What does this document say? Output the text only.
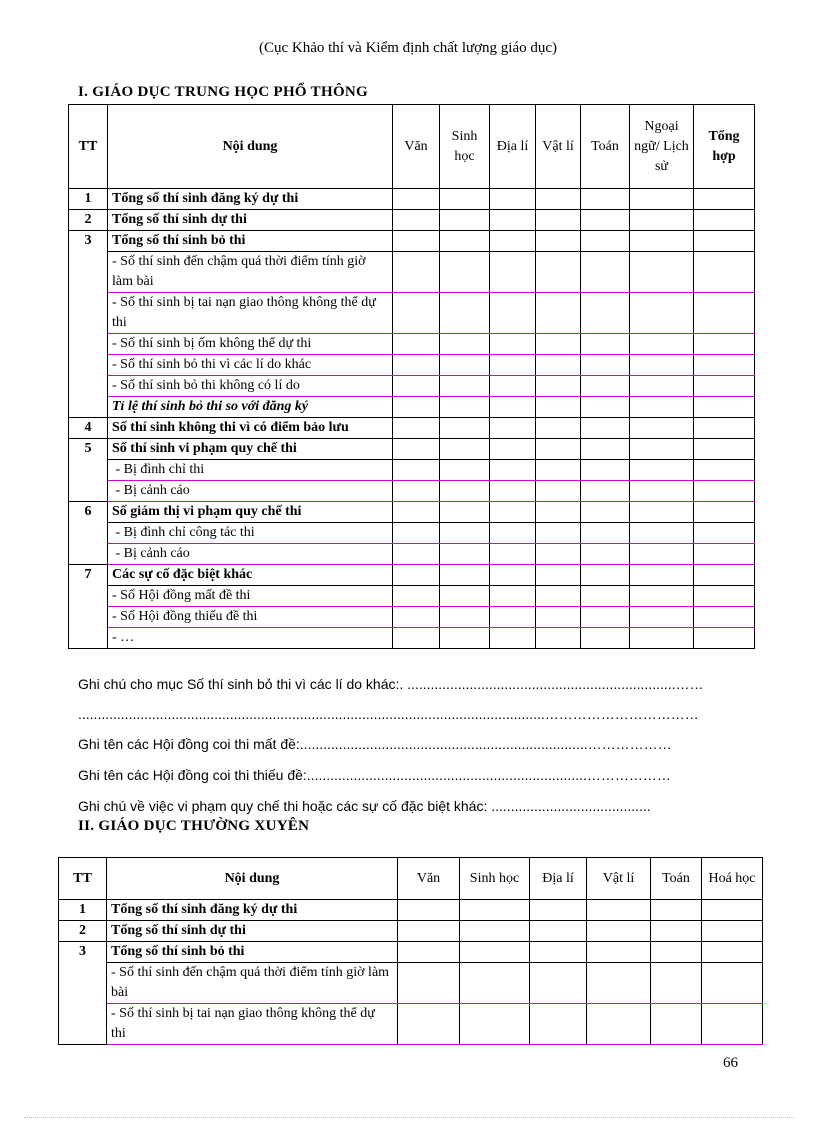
(Cục Khảo thí và Kiểm định chất lượng giáo dục)
I. GIÁO DỤC TRUNG HỌC PHỔ THÔNG
TT	Nội dung	Văn	Sinh học	Địa lí	Vật lí	Toán	Ngoại ngữ/ Lịch sử	Tổng hợp
1	Tổng số thí sinh đăng ký dự thi							
2	Tổng số thí sinh dự thi							
3	Tổng số thí sinh bỏ thi							
	- Số thí sinh đến chậm quá thời điểm tính giờ làm bài							
	- Số thí sinh bị tai nạn giao thông không thể dự thi							
	- Số thí sinh bị ốm không thể dự thi							
	- Số thí sinh bỏ thi vì các lí do khác							
	- Số thí sinh bỏ thi không có lí do							
	Tỉ lệ thí sinh bỏ thi so với đăng ký							
4	Số thí sinh không thi vì có điểm bảo lưu							
5	Số thí sinh vi phạm quy chế thi							
	- Bị đình chỉ thi							
	- Bị cảnh cáo							
6	Số giám thị vi phạm quy chế thi							
	- Bị đình chỉ công tác thi							
	- Bị cảnh cáo							
7	Các sự cố đặc biệt khác							
	- Số Hội đồng mất đề thi							
	- Số Hội đồng thiếu đề thi							
	- …							
Ghi chú cho mục Số thí sinh bỏ thi vì các lí do khác:. .....................................................................……
........................................................................................................................……………………………
Ghi tên các Hội đồng coi thi mất đề:..........................................................................………………
Ghi tên các Hội đồng coi thi thiếu đề:........................................................................………………
Ghi chú về việc vi phạm quy chế thi hoặc các sự cố đặc biệt khác: .........................................
II. GIÁO DỤC THƯỜNG XUYÊN
TT	Nội dung	Văn	Sinh học	Địa lí	Vật lí	Toán	Hoá học
1	Tổng số thí sinh đăng ký dự thi						
2	Tổng số thí sinh dự thi						
3	Tổng số thí sinh bỏ thi						
	- Số thí sinh đến chậm quá thời điểm tính giờ làm bài						
	- Số thí sinh bị tai nạn giao thông không thể dự thi						
66
